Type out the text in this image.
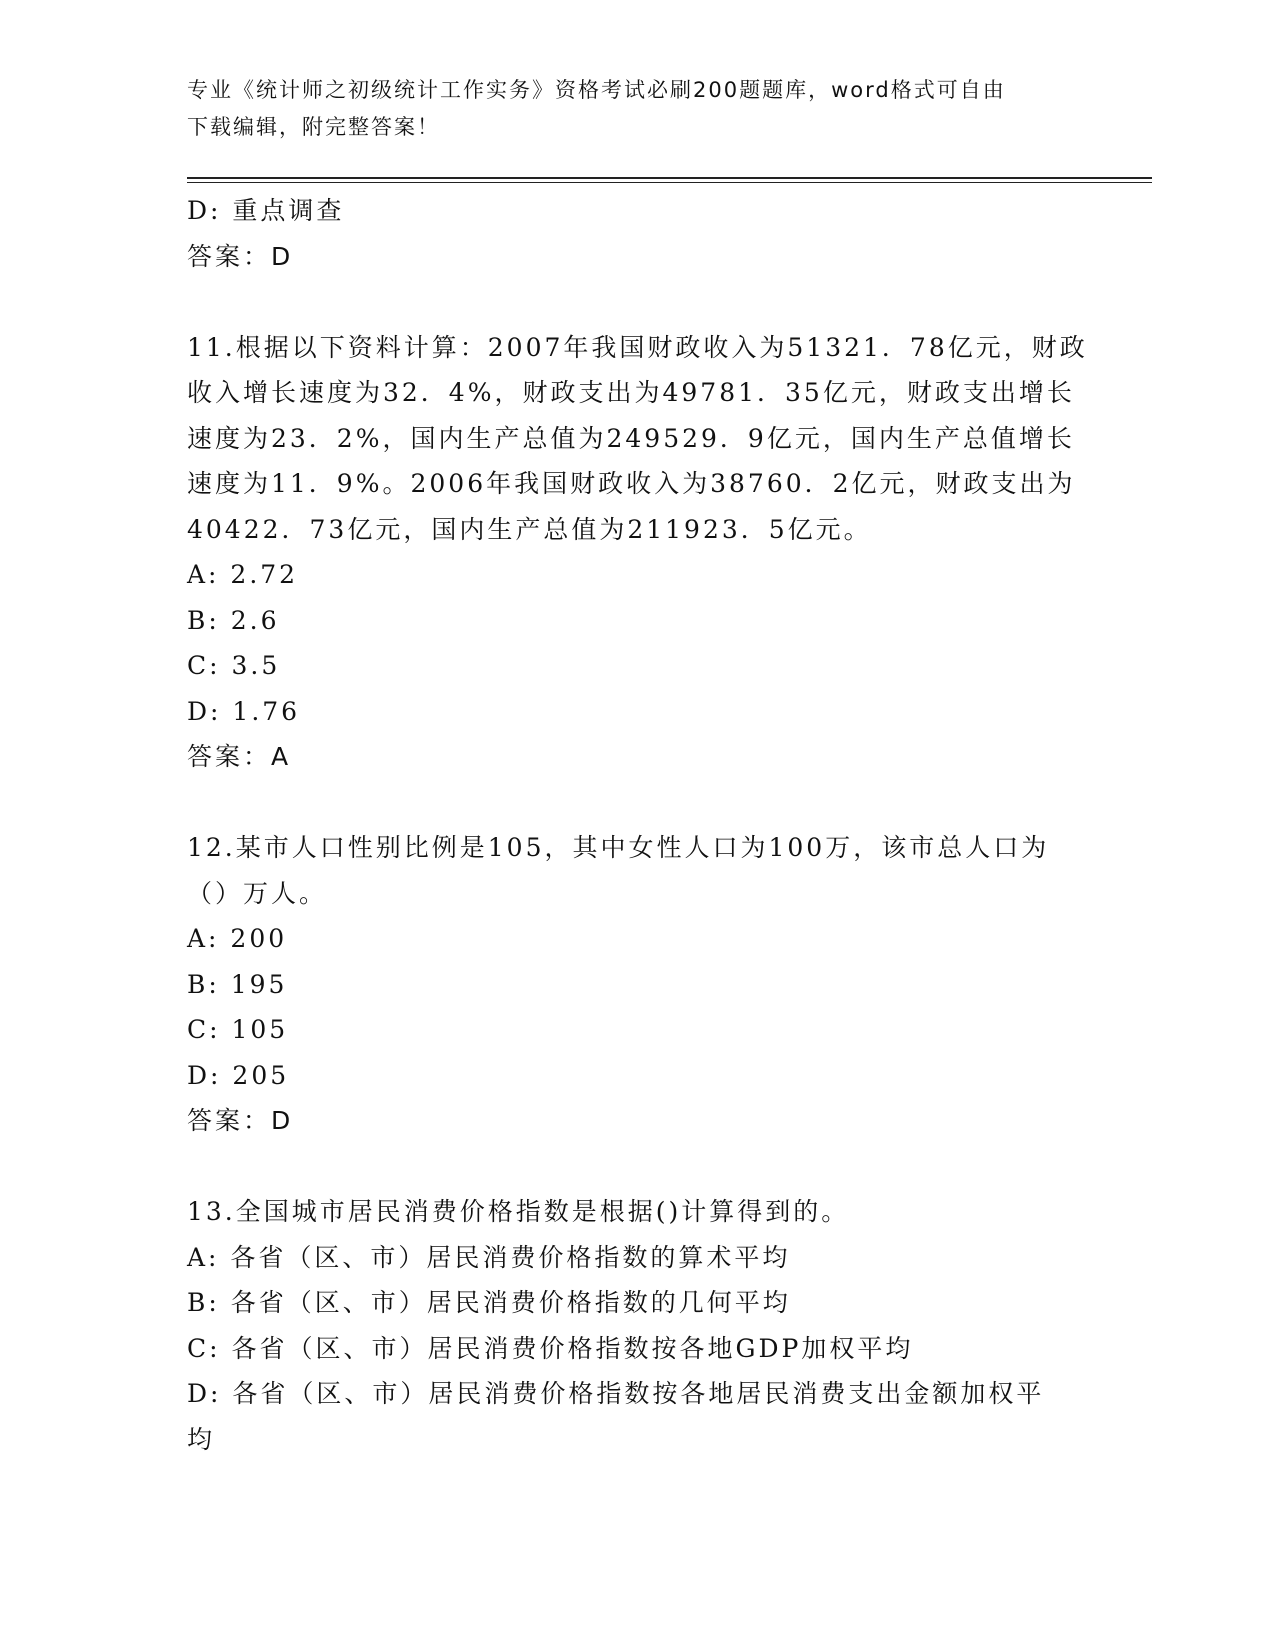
专业《统计师之初级统计工作实务》资格考试必刷200题题库，word格式可自由
下载编辑，附完整答案！

D: 重点调查

答案：D

11.根据以下资料计算：2007年我国财政收入为51321．78亿元，财政

收入增长速度为32．4%，财政支出为49781．35亿元，财政支出增长

速度为23．2%，国内生产总值为249529．9亿元，国内生产总值增长

速度为11．9%。2006年我国财政收入为38760．2亿元，财政支出为

40422．73亿元，国内生产总值为211923．5亿元。

A: 2.72

B: 2.6

C: 3.5

D: 1.76

答案：A

12.某市人口性别比例是105，其中女性人口为100万，该市总人口为

（）万人。

A: 200

B: 195

C: 105

D: 205

答案：D

13.全国城市居民消费价格指数是根据()计算得到的。

A: 各省（区、市）居民消费价格指数的算术平均

B: 各省（区、市）居民消费价格指数的几何平均

C: 各省（区、市）居民消费价格指数按各地GDP加权平均

D: 各省（区、市）居民消费价格指数按各地居民消费支出金额加权平

均
